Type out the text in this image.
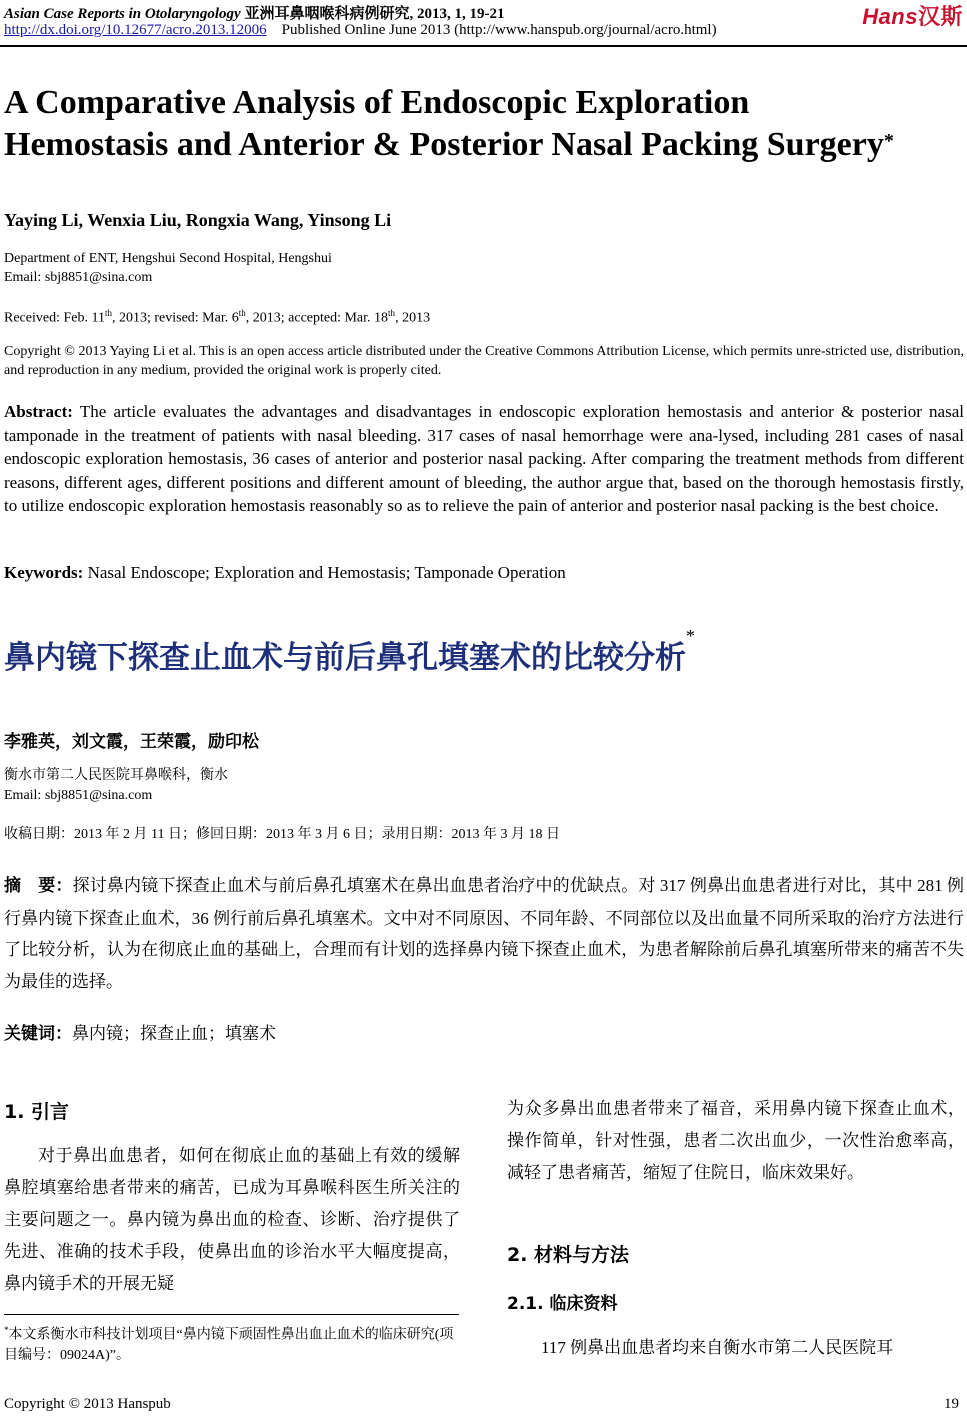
Asian Case Reports in Otolaryngology 亚洲耳鼻咽喉科病例研究, 2013, 1, 19-21	Hans汉斯
http://dx.doi.org/10.12677/acro.2013.12006 Published Online June 2013 (http://www.hanspub.org/journal/acro.html)
A Comparative Analysis of Endoscopic Exploration
Hemostasis and Anterior & Posterior Nasal Packing Surgery*
Yaying Li, Wenxia Liu, Rongxia Wang, Yinsong Li
Department of ENT, Hengshui Second Hospital, Hengshui
Email: sbj8851@sina.com
Received: Feb. 11th, 2013; revised: Mar. 6th, 2013; accepted: Mar. 18th, 2013
Copyright © 2013 Yaying Li et al. This is an open access article distributed under the Creative Commons Attribution License, which permits unre-stricted use, distribution, and reproduction in any medium, provided the original work is properly cited.
Abstract: The article evaluates the advantages and disadvantages in endoscopic exploration hemostasis and anterior & posterior nasal tamponade in the treatment of patients with nasal bleeding. 317 cases of nasal hemorrhage were ana-lysed, including 281 cases of nasal endoscopic exploration hemostasis, 36 cases of anterior and posterior nasal packing. After comparing the treatment methods from different reasons, different ages, different positions and different amount of bleeding, the author argue that, based on the thorough hemostasis firstly, to utilize endoscopic exploration hemostasis reasonably so as to relieve the pain of anterior and posterior nasal packing is the best choice.
Keywords: Nasal Endoscope; Exploration and Hemostasis; Tamponade Operation
鼻内镜下探查止血术与前后鼻孔填塞术的比较分析*
李雅英，刘文霞，王荣霞，励印松
衡水市第二人民医院耳鼻喉科，衡水
Email: sbj8851@sina.com
收稿日期：2013 年 2 月 11 日；修回日期：2013 年 3 月 6 日；录用日期：2013 年 3 月 18 日
摘　要：探讨鼻内镜下探查止血术与前后鼻孔填塞术在鼻出血患者治疗中的优缺点。对 317 例鼻出血患者进行对比，其中 281 例行鼻内镜下探查止血术，36 例行前后鼻孔填塞术。文中对不同原因、不同年龄、不同部位以及出血量不同所采取的治疗方法进行了比较分析，认为在彻底止血的基础上，合理而有计划的选择鼻内镜下探查止血术，为患者解除前后鼻孔填塞所带来的痛苦不失为最佳的选择。
关键词：鼻内镜；探查止血；填塞术
1. 引言

对于鼻出血患者，如何在彻底止血的基础上有效的缓解鼻腔填塞给患者带来的痛苦，已成为耳鼻喉科医生所关注的主要问题之一。鼻内镜为鼻出血的检查、诊断、治疗提供了先进、准确的技术手段，使鼻出血的诊治水平大幅度提高，鼻内镜手术的开展无疑

为众多鼻出血患者带来了福音，采用鼻内镜下探查止血术，操作简单，针对性强，患者二次出血少，一次性治愈率高，减轻了患者痛苦，缩短了住院日，临床效果好。

2. 材料与方法
2.1. 临床资料

117 例鼻出血患者均来自衡水市第二人民医院耳

*本文系衡水市科技计划项目“鼻内镜下顽固性鼻出血止血术的临床研究(项目编号：09024A)”。
Copyright © 2013 Hanspub	19
